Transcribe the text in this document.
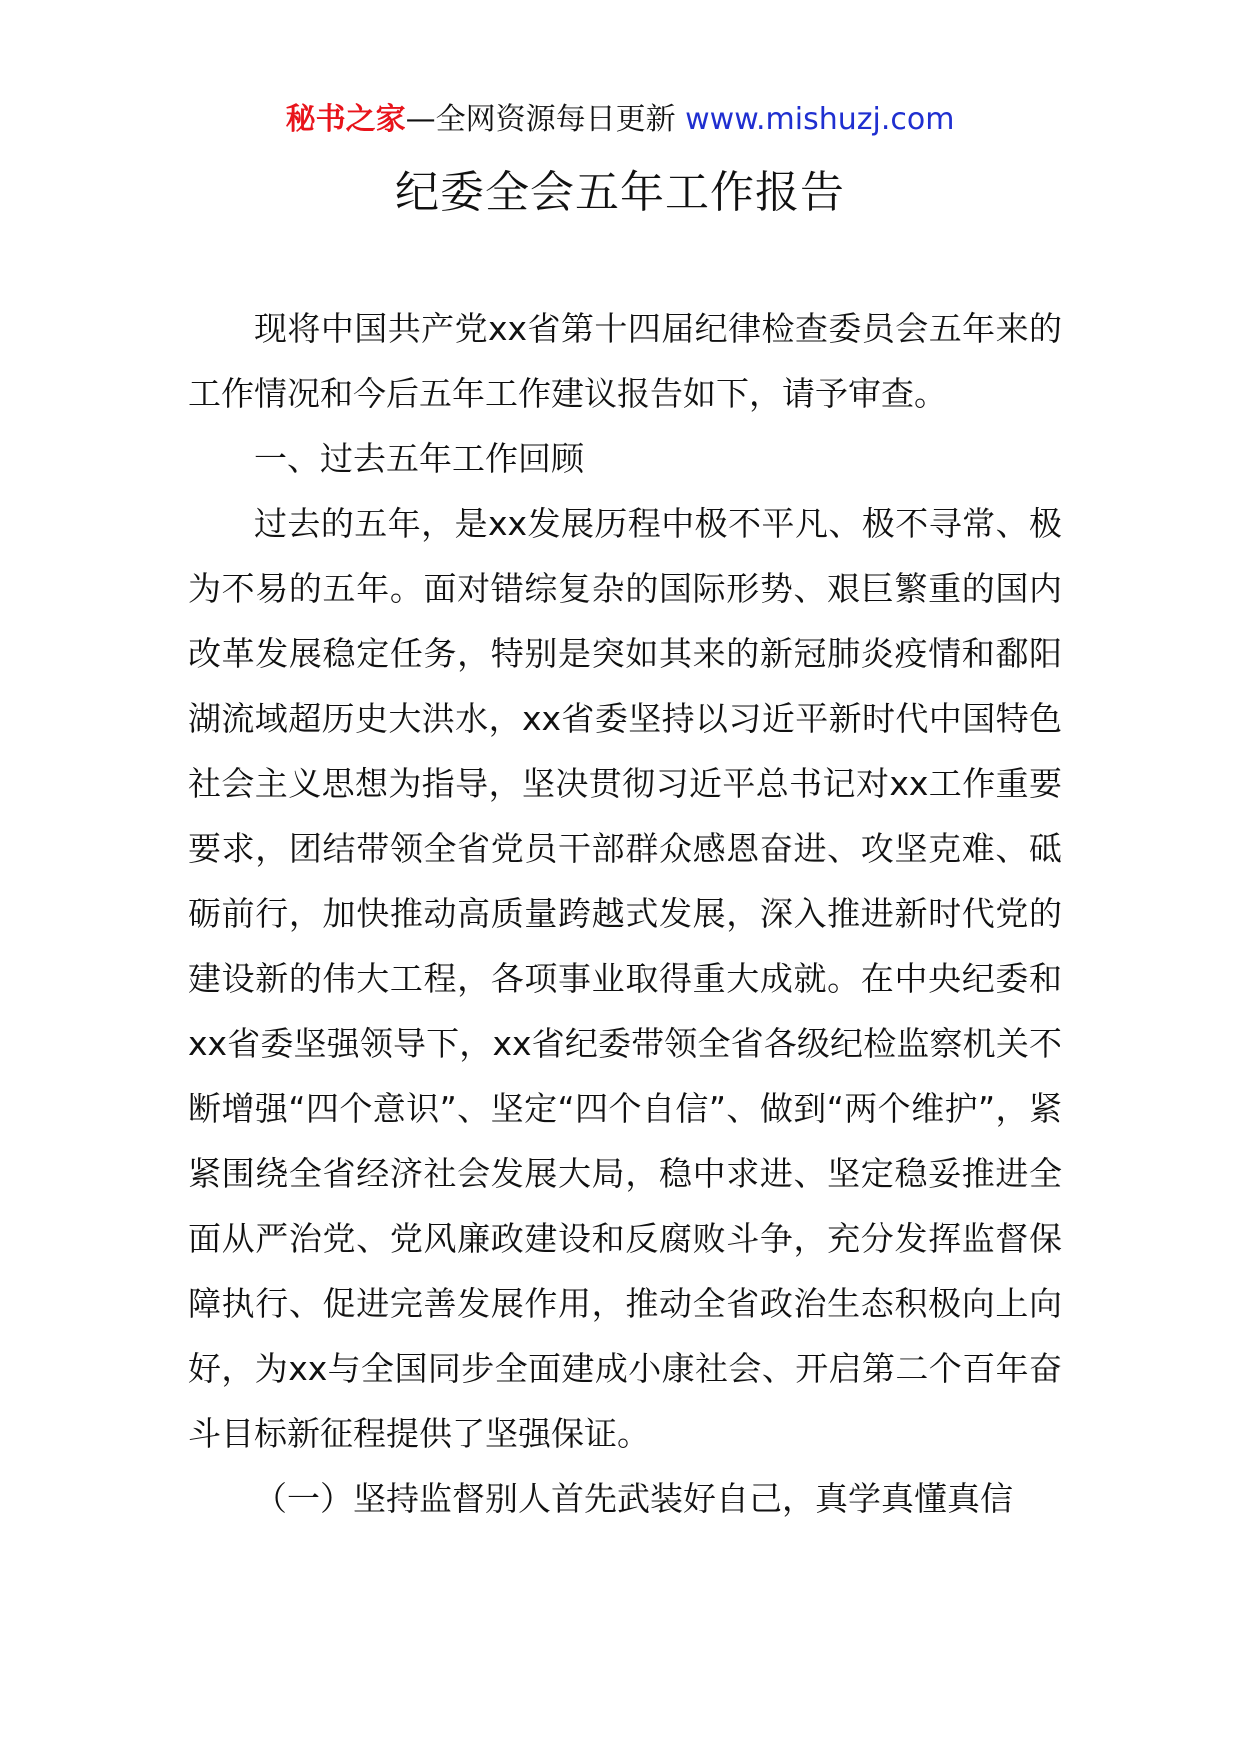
秘书之家—全网资源每日更新 www.mishuzj.com
纪委全会五年工作报告

现将中国共产党xx省第十四届纪律检查委员会五年来的工作情况和今后五年工作建议报告如下，请予审查。

一、过去五年工作回顾

过去的五年，是xx发展历程中极不平凡、极不寻常、极为不易的五年。面对错综复杂的国际形势、艰巨繁重的国内改革发展稳定任务，特别是突如其来的新冠肺炎疫情和鄱阳湖流域超历史大洪水，xx省委坚持以习近平新时代中国特色社会主义思想为指导，坚决贯彻习近平总书记对xx工作重要要求，团结带领全省党员干部群众感恩奋进、攻坚克难、砥砺前行，加快推动高质量跨越式发展，深入推进新时代党的建设新的伟大工程，各项事业取得重大成就。在中央纪委和xx省委坚强领导下，xx省纪委带领全省各级纪检监察机关不断增强“四个意识”、坚定“四个自信”、做到“两个维护”，紧紧围绕全省经济社会发展大局，稳中求进、坚定稳妥推进全面从严治党、党风廉政建设和反腐败斗争，充分发挥监督保障执行、促进完善发展作用，推动全省政治生态积极向上向好，为xx与全国同步全面建成小康社会、开启第二个百年奋斗目标新征程提供了坚强保证。

（一）坚持监督别人首先武装好自己，真学真懂真信
